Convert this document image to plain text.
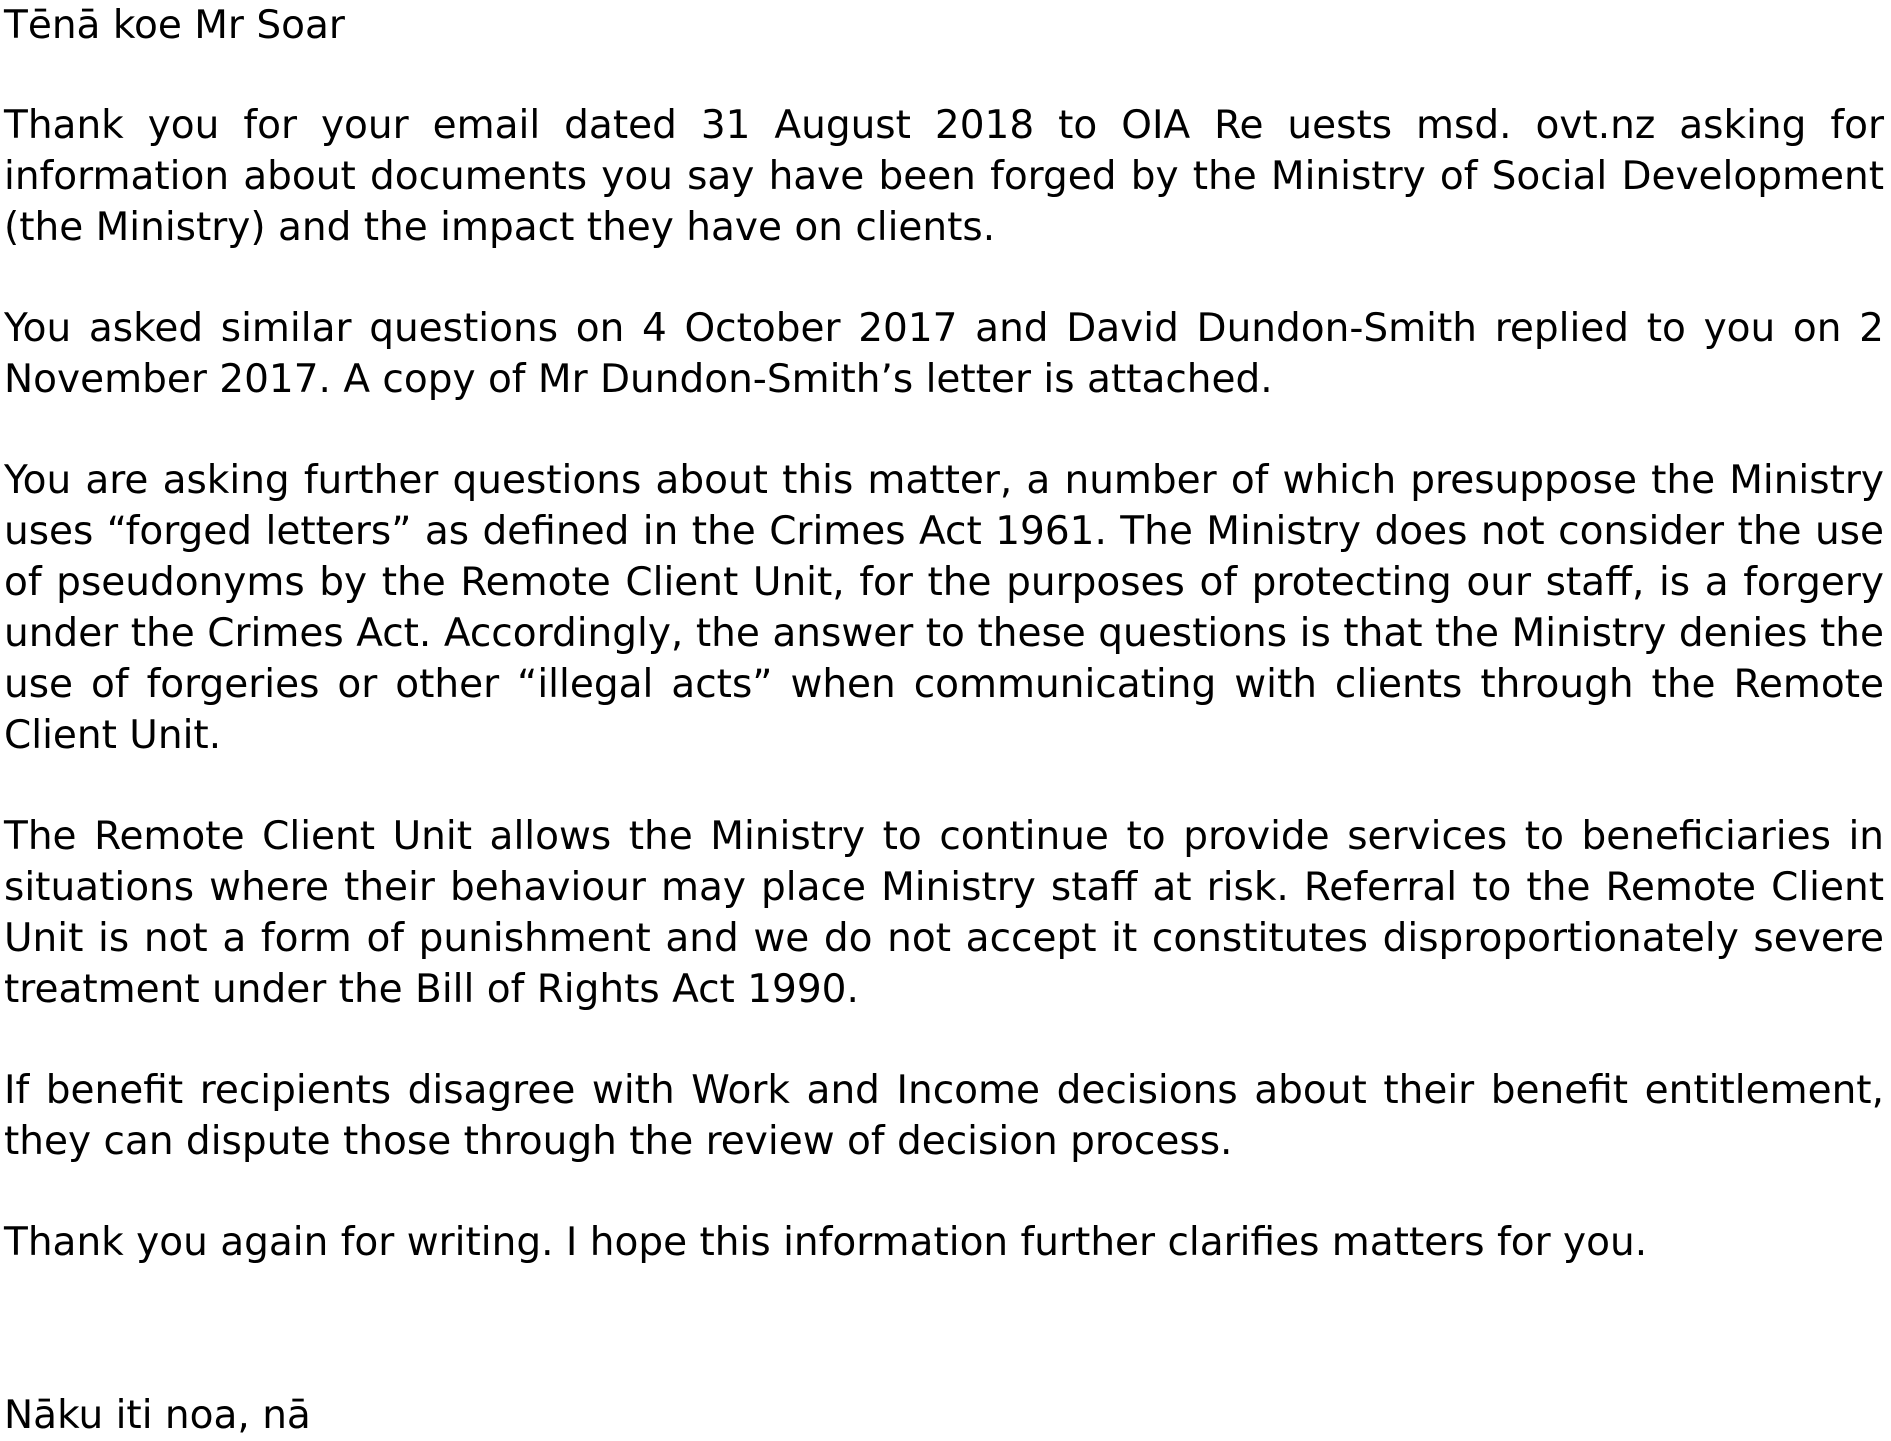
Tēnā koe Mr Soar

Thank you for your email dated 31 August 2018 to OIA Re uests msd. ovt.nz asking for information about documents you say have been forged by the Ministry of Social Development (the Ministry) and the impact they have on clients.

You asked similar questions on 4 October 2017 and David Dundon-Smith replied to you on 2 November 2017. A copy of Mr Dundon-Smith’s letter is attached.

You are asking further questions about this matter, a number of which presuppose the Ministry uses “forged letters” as defined in the Crimes Act 1961. The Ministry does not consider the use of pseudonyms by the Remote Client Unit, for the purposes of protecting our staff, is a forgery under the Crimes Act. Accordingly, the answer to these questions is that the Ministry denies the use of forgeries or other “illegal acts” when communicating with clients through the Remote Client Unit.

The Remote Client Unit allows the Ministry to continue to provide services to beneficiaries in situations where their behaviour may place Ministry staff at risk. Referral to the Remote Client Unit is not a form of punishment and we do not accept it constitutes disproportionately severe treatment under the Bill of Rights Act 1990.

If benefit recipients disagree with Work and Income decisions about their benefit entitlement, they can dispute those through the review of decision process.

Thank you again for writing. I hope this information further clarifies matters for you.

Nāku iti noa, nā
